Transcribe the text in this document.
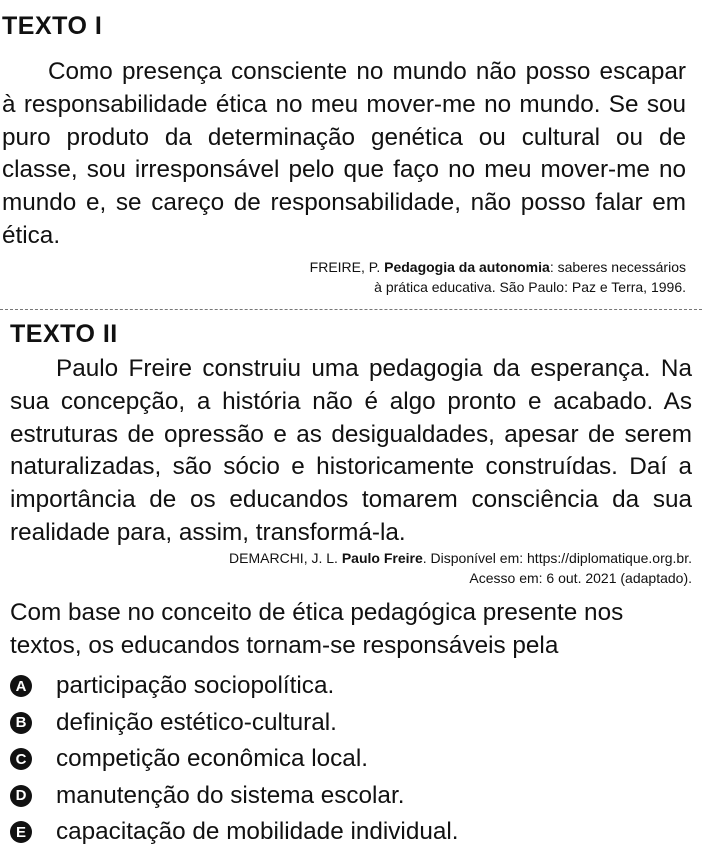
TEXTO I

Como presença consciente no mundo não posso escapar à responsabilidade ética no meu mover-me no mundo. Se sou puro produto da determinação genética ou cultural ou de classe, sou irresponsável pelo que faço no meu mover-me no mundo e, se careço de responsabilidade, não posso falar em ética.

FREIRE, P. Pedagogia da autonomia: saberes necessários
à prática educativa. São Paulo: Paz e Terra, 1996.
TEXTO II

Paulo Freire construiu uma pedagogia da esperança. Na sua concepção, a história não é algo pronto e acabado. As estruturas de opressão e as desigualdades, apesar de serem naturalizadas, são sócio e historicamente construídas. Daí a importância de os educandos tomarem consciência da sua realidade para, assim, transformá-la.

DEMARCHI, J. L. Paulo Freire. Disponível em: https://diplomatique.org.br.
Acesso em: 6 out. 2021 (adaptado).
Com base no conceito de ética pedagógica presente nos textos, os educandos tornam-se responsáveis pela
A participação sociopolítica.
B definição estético-cultural.
C competição econômica local.
D manutenção do sistema escolar.
E capacitação de mobilidade individual.
